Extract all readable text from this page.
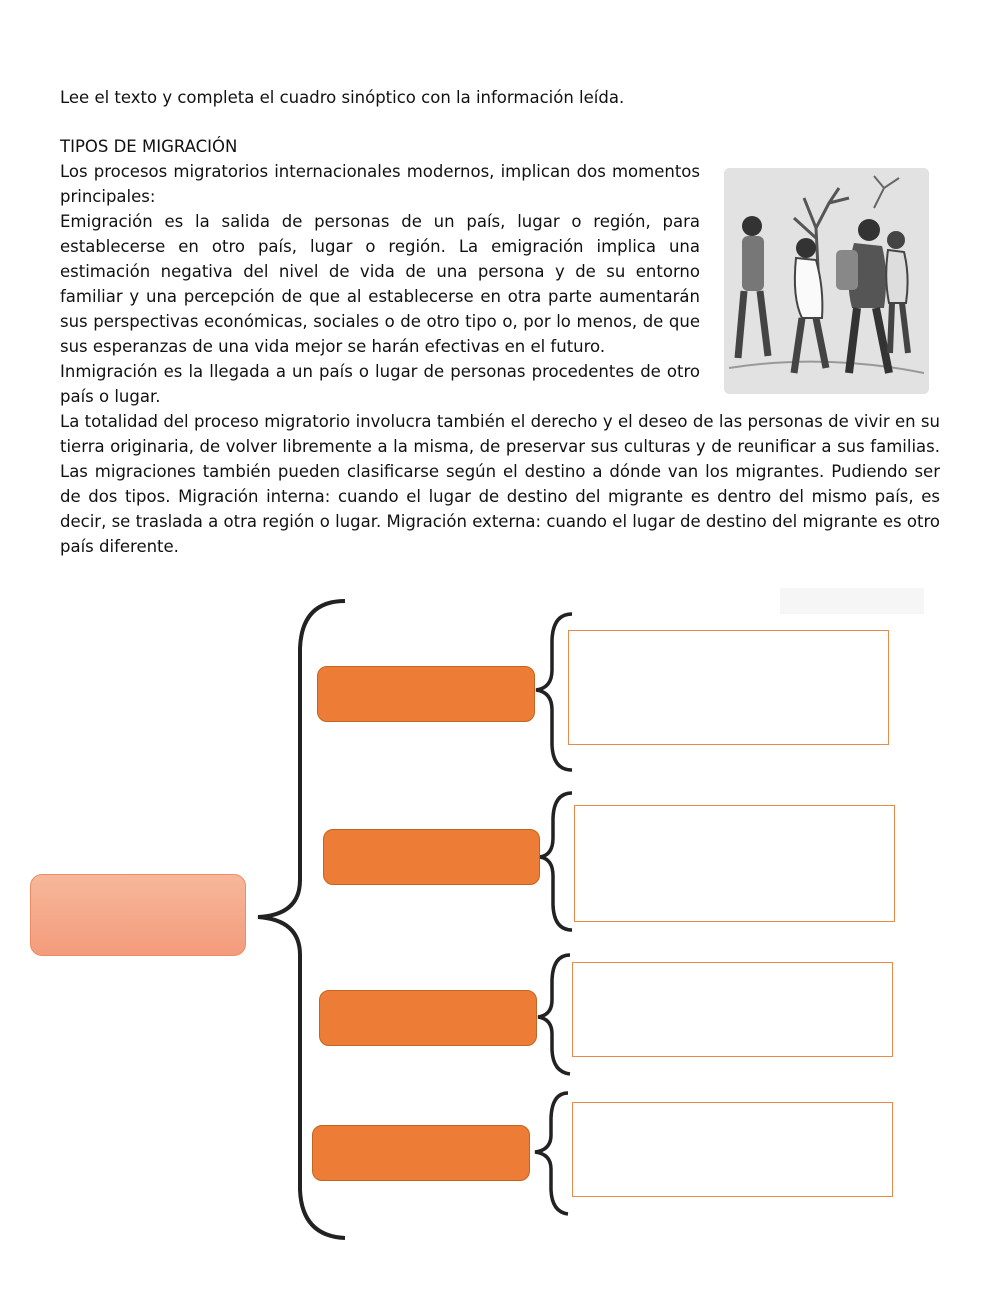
Lee el texto y completa el cuadro sinóptico con la información leída.
TIPOS DE MIGRACIÓN

Los procesos migratorios internacionales modernos, implican dos momentos principales:

Emigración es la salida de personas de un país, lugar o región, para establecerse en otro país, lugar o región. La emigración implica una estimación negativa del nivel de vida de una persona y de su entorno familiar y una percepción de que al establecerse en otra parte aumentarán sus perspectivas económicas, sociales o de otro tipo o, por lo menos, de que sus esperanzas de una vida mejor se harán efectivas en el futuro.

Inmigración es la llegada a un país o lugar de personas procedentes de otro país o lugar.

La totalidad del proceso migratorio involucra también el derecho y el deseo de las personas de vivir en su tierra originaria, de volver libremente a la misma, de preservar sus culturas y de reunificar a sus familias. Las migraciones también pueden clasificarse según el destino a dónde van los migrantes. Pudiendo ser de dos tipos. Migración interna: cuando el lugar de destino del migrante es dentro del mismo país, es decir, se traslada a otra región o lugar. Migración externa: cuando el lugar de destino del migrante es otro país diferente.
